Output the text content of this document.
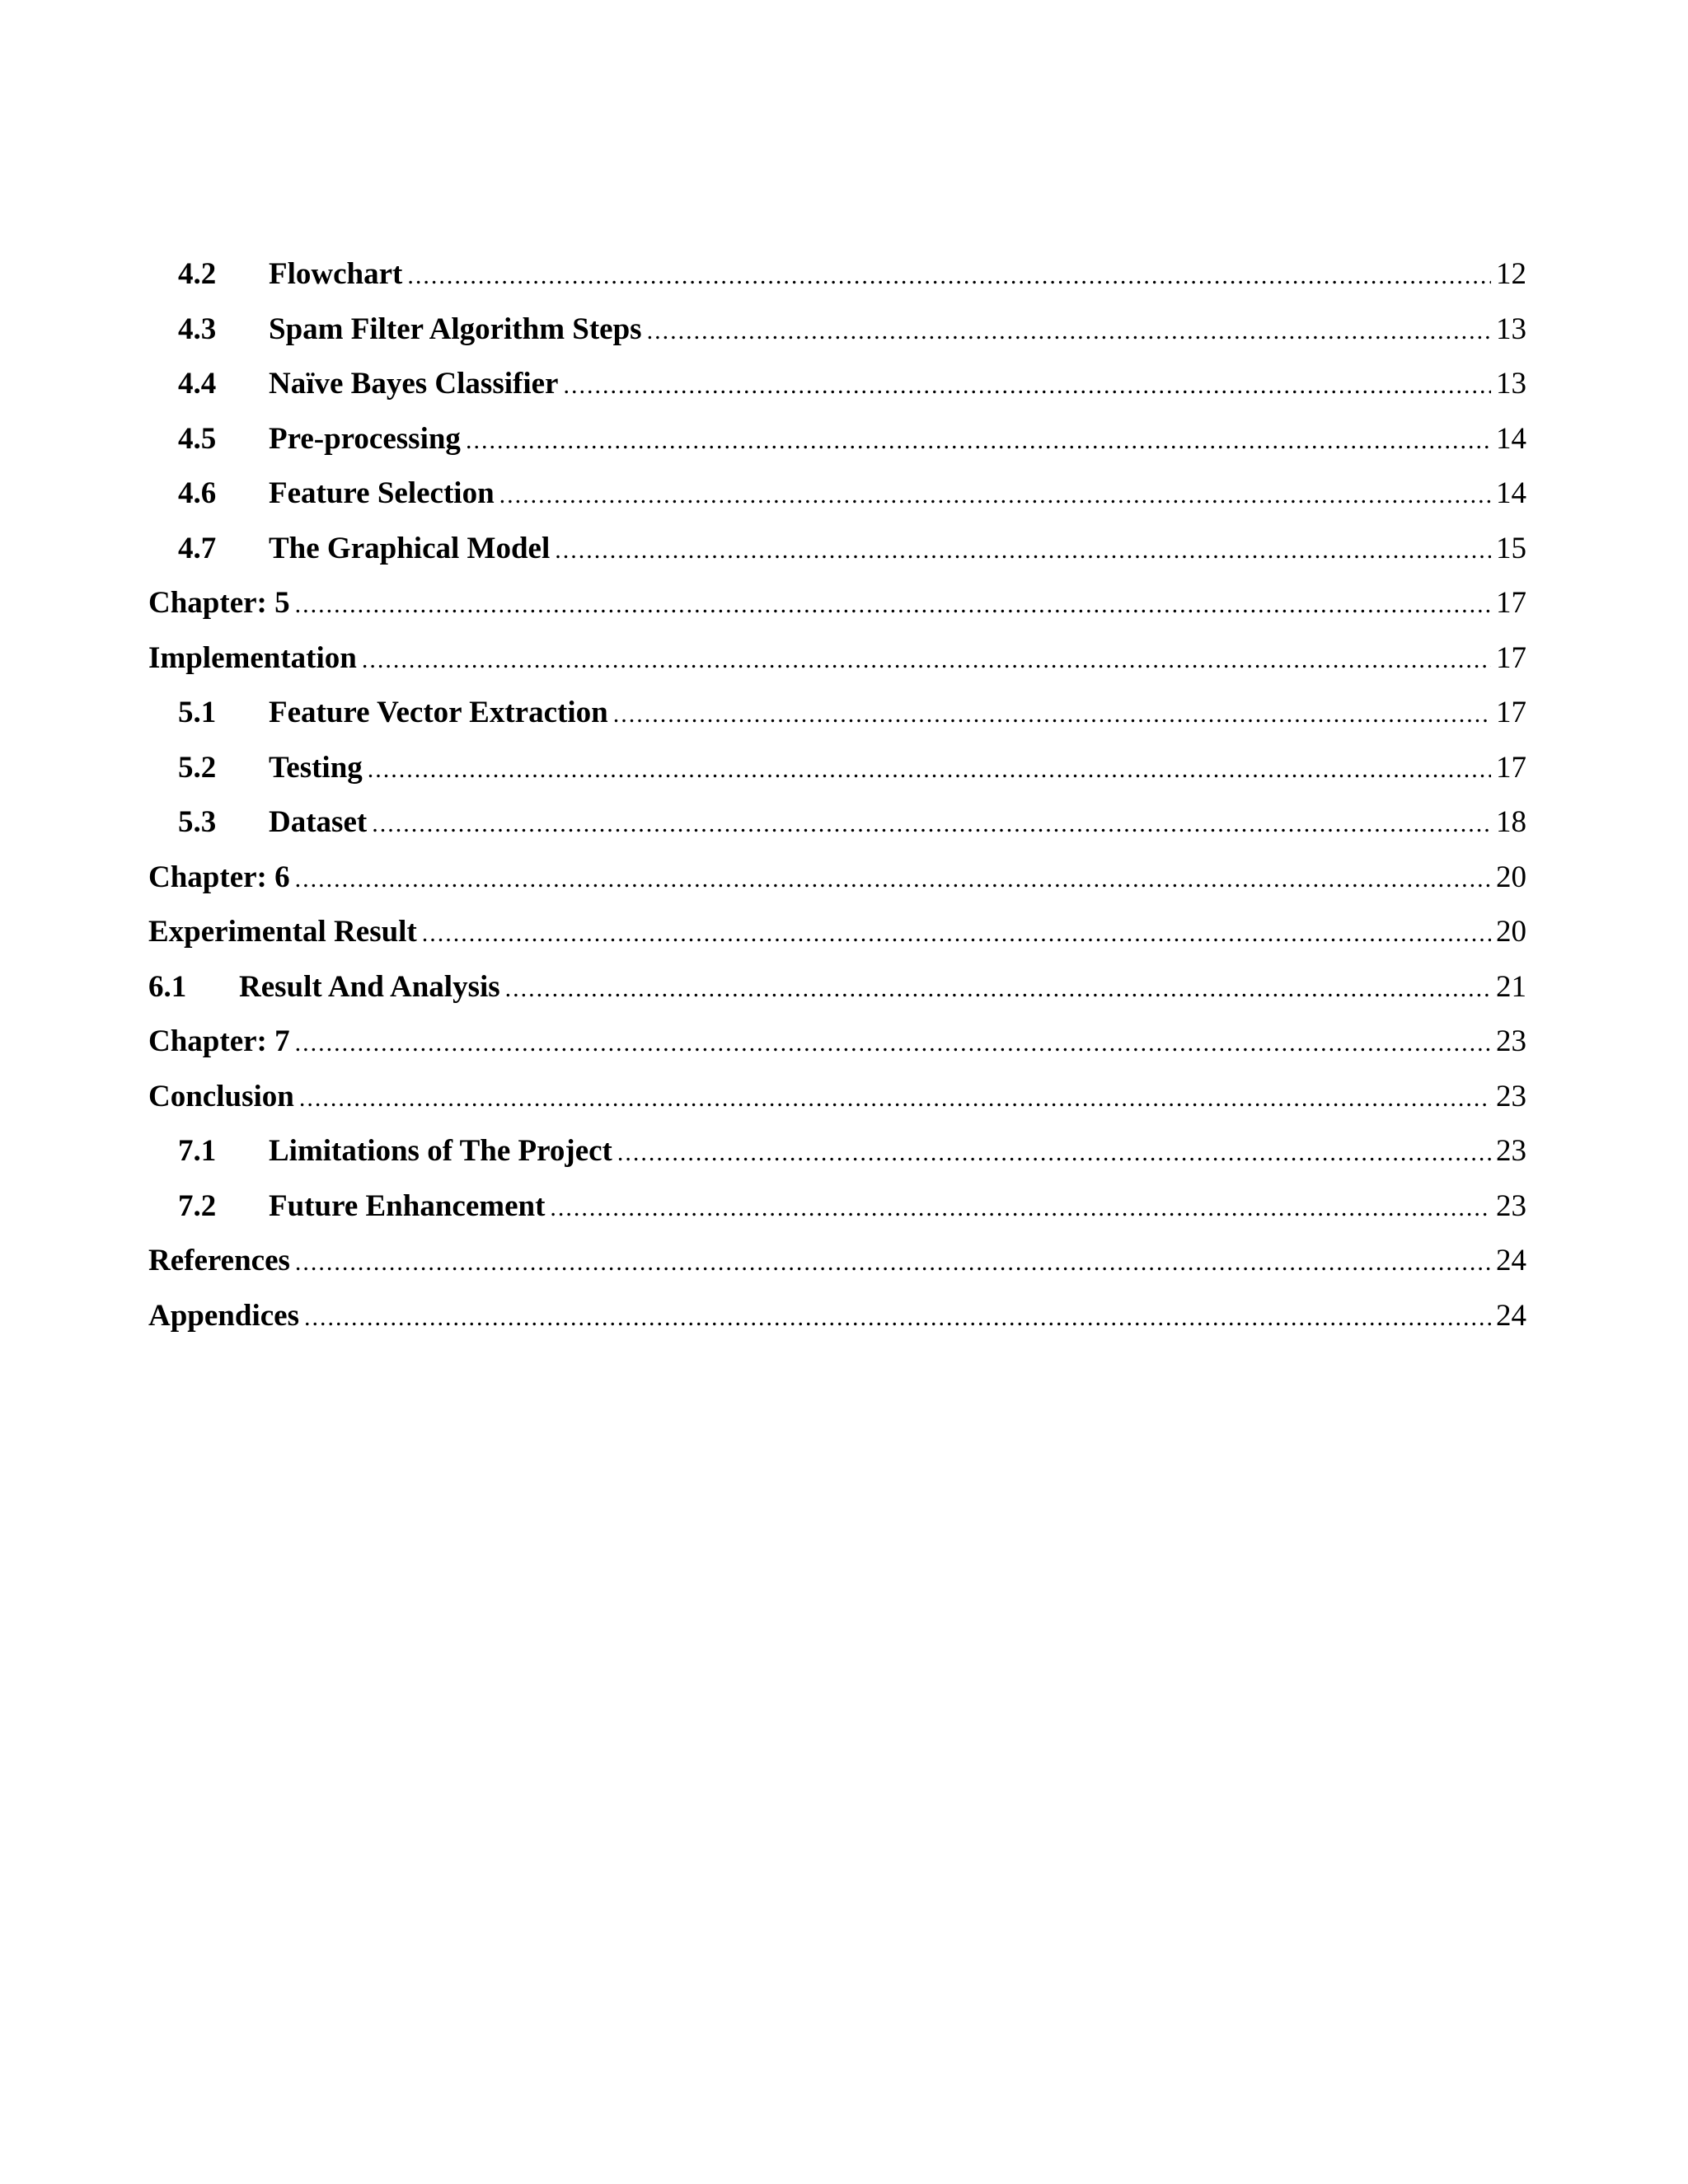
4.2	Flowchart .....	12
4.3	Spam Filter Algorithm Steps .....	13
4.4	Naïve Bayes Classifier .....	13
4.5	Pre-processing .....	14
4.6	Feature Selection .....	14
4.7	The Graphical Model .....	15
Chapter: 5 .....	17
Implementation .....	17
5.1	Feature Vector Extraction .....	17
5.2	Testing .....	17
5.3	Dataset .....	18
Chapter: 6 .....	20
Experimental Result .....	20
6.1	Result And Analysis .....	21
Chapter: 7 .....	23
Conclusion .....	23
7.1	Limitations of The Project .....	23
7.2	Future Enhancement .....	23
References .....	24
Appendices .....	24
